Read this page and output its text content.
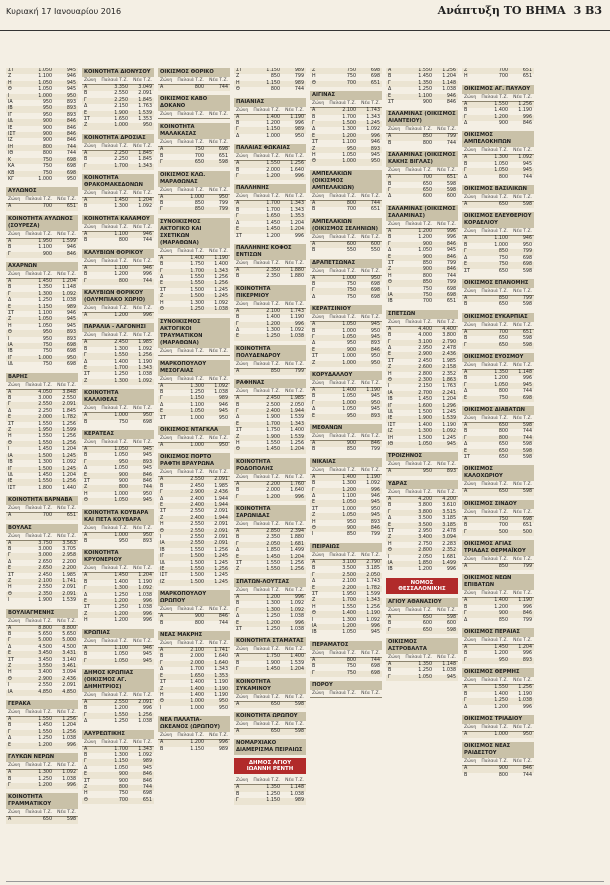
Κυριακή 17 Ιανουαρίου 2016	Ανάπτυξη ΤΟ ΒΗΜΑ 3 B3
ΣΤ	1.050	945
Ζ	1.100	946
Η	1.050	945
Θ	1.050	945
Ι	1.000	950
ΙΑ	950	893
ΙΒ	950	893
ΙΓ	950	893
ΙΔ	900	846
ΙΕ	900	846
ΙΣΤ	900	846
ΙΖ	900	846
ΙΗ	800	744
ΙΘ	800	744
Κ	750	698
ΚΑ	750	698
ΚΒ	750	698
ΚΓ	1.000	950
ΑΥΛΩΝΟΣ
Ζώνη Παλαιά Τ.Ζ. Νέα Τ.Ζ.
Α	700	651
ΚΟΙΝΟΤΗΤΑ ΑΥΛΩΝΟΣ (ΣΟΥΡΕΖΑ)
Ζώνη Παλαιά Τ.Ζ. Νέα Τ.Ζ.
Α	1.950	1.599
Β	1.100	946
Γ	900	846
ΑΧΑΡΝΩΝ
Ζώνη Παλαιά Τ.Ζ. Νέα Τ.Ζ.
Α	1.450	1.204
Β	1.350	1.148
Γ	1.300	1.092
Δ	1.250	1.038
Ε	1.150	989
ΣΤ	1.100	946
Ζ	1.050	945
Η	1.050	945
Θ	950	893
Ι	950	893
ΙΑ	750	698
ΙΒ	750	698
ΙΓ	1.000	950
ΙΔ	750	698
ΒΑΡΗΣ
Ζώνη Παλαιά Τ.Ζ. Νέα Τ.Ζ.
Α	4.050	3.848
Β	3.000	2.550
Γ	2.550	2.091
Δ	2.250	1.845
Ε	2.000	1.782
ΣΤ	1.550	1.256
Ζ	1.950	1.599
Η	1.550	1.256
Θ	1.550	1.256
Ι	1.450	1.204
ΙΑ	1.500	1.245
ΙΒ	1.300	1.092
ΙΓ	1.500	1.245
ΙΔ	1.450	1.204
ΙΕ	1.550	1.256
ΙΣΤ	1.800	1.440
ΚΟΙΝΟΤΗΤΑ ΒΑΡΝΑΒΑ
Ζώνη Παλαιά Τ.Ζ. Νέα Τ.Ζ.
Α	700	651
ΒΟΥΛΑΣ
Ζώνη Παλαιά Τ.Ζ. Νέα Τ.Ζ.
Α	3.750	3.563
Β	3.000	3.705
Γ	3.000	2.958
Δ	2.650	2.200
Ε	2.650	2.200
ΣΤ	2.450	1.985
Ζ	2.100	1.741
Η	2.550	2.091
Θ	2.350	2.091
Ι	1.900	1.539
ΒΟΥΛΙΑΓΜΕΝΗΣ
Ζώνη Παλαιά Τ.Ζ. Νέα Τ.Ζ.
Α	8.800	8.800
Β	5.650	5.650
Γ	5.000	5.000
Δ	4.500	4.500
Ε	3.450	3.431
ΣΤ	3.450	3.140
Ζ	3.550	3.461
Η	3.400	3.094
Θ	2.900	2.436
Ι	2.550	2.091
ΙΑ	4.850	4.850
ΓΕΡΑΚΑ
Ζώνη Παλαιά Τ.Ζ. Νέα Τ.Ζ.
Α	1.550	1.256
Β	1.450	1.204
Γ	1.550	1.256
Δ	1.250	1.038
Ε	1.200	996
ΓΛΥΚΩΝ ΝΕΡΩΝ
Ζώνη Παλαιά Τ.Ζ. Νέα Τ.Ζ.
Α	1.300	1.092
Β	1.250	1.038
Γ	1.200	996
ΚΟΙΝΟΤΗΤΑ ΓΡΑΜΜΑΤΙΚΟΥ
Ζώνη Παλαιά Τ.Ζ. Νέα Τ.Ζ.
Α	650	598
ΚΟΙΝΟΤΗΤΑ ΔΙΟΝΥΣΟΥ
Ζώνη Παλαιά Τ.Ζ. Νέα Τ.Ζ.
Α	3.350	3.049
Β	2.550	2.091
Γ	2.250	1.845
Δ	2.150	1.763
Ε	1.900	1.539
ΣΤ	1.650	1.353
Ζ	1.000	950
ΚΟΙΝΟΤΗΤΑ ΔΡΟΣΙΑΣ
Ζώνη Παλαιά Τ.Ζ. Νέα Τ.Ζ.
Α	2.250	1.845
Β	2.250	1.845
Γ	1.700	1.343
ΚΟΙΝΟΤΗΤΑ ΘΡΑΚΟΜΑΚΕΔΟΝΩΝ
Ζώνη Παλαιά Τ.Ζ. Νέα Τ.Ζ.
Α	1.450	1.204
Β	1.300	1.092
ΚΟΙΝΟΤΗΤΑ ΚΑΛΑΜΟΥ
Ζώνη Παλαιά Τ.Ζ. Νέα Τ.Ζ.
Α	1.100	946
Β	800	744
ΚΑΛΥΒΙΩΝ ΘΟΡΙΚΟΥ
Ζώνη Παλαιά Τ.Ζ. Νέα Τ.Ζ.
Α	1.100	946
Β	1.200	996
Γ	800	744
ΚΑΛΥΒΙΩΝ ΘΟΡΙΚΟΥ (ΟΛΥΜΠΙΑΚΟ ΧΩΡΙΟ)
Ζώνη Παλαιά Τ.Ζ. Νέα Τ.Ζ.
Α	1.200	996
ΠΑΡΑΛΙΑ - ΛΑΓΟΝΗΣΙ
Ζώνη Παλαιά Τ.Ζ. Νέα Τ.Ζ.
Α	2.450	1.985
Β	1.300	1.092
Γ	1.550	1.256
Δ	1.400	1.190
Ε	1.700	1.343
ΣΤ	1.250	1.038
Ζ	1.300	1.092
ΚΟΙΝΟΤΗΤΑ ΚΑΛΛΙΘΕΑΣ
Ζώνη Παλαιά Τ.Ζ. Νέα Τ.Ζ.
Α	1.000	950
Β	750	698
ΚΕΡΑΤΕΑΣ
Ζώνη Παλαιά Τ.Ζ. Νέα Τ.Ζ.
Α	1.050	945
Β	1.050	945
Γ	950	893
Δ	1.050	945
Ε	900	846
ΣΤ	900	846
Ζ	800	744
Η	1.000	950
Θ	1.050	945
ΚΟΙΝΟΤΗΤΑ ΚΟΥΒΑΡΑ ΚΑΙ ΠΕΤΑ ΚΟΥΒΑΡΑ
Ζώνη Παλαιά Τ.Ζ. Νέα Τ.Ζ.
Α	1.000	950
Β	950	893
ΚΟΙΝΟΤΗΤΑ ΚΡΥΟΝΕΡΙΟΥ
Ζώνη Παλαιά Τ.Ζ. Νέα Τ.Ζ.
Α	1.450	1.204
Β	1.400	1.190
Γ	1.300	1.092
Δ	1.250	1.038
Ε	1.200	996
ΣΤ	1.250	1.038
Ζ	1.200	996
Η	1.200	996
ΚΡΩΠΙΑΣ
Ζώνη Παλαιά Τ.Ζ. Νέα Τ.Ζ.
Α	1.100	946
Β	1.050	945
Γ	1.050	945
ΔΗΜΟΣ ΚΡΩΠΙΑΣ (ΟΙΚΙΣΜΟΣ ΑΓ. ΔΗΜΗΤΡΙΟΣ)
Ζώνη Παλαιά Τ.Ζ. Νέα Τ.Ζ.
Α	2.550	2.091
Β	1.200	996
Γ	1.550	1.256
Δ	1.250	1.038
ΛΑΥΡΕΩΤΙΚΗΣ
Ζώνη Παλαιά Τ.Ζ. Νέα Τ.Ζ.
Α	1.700	1.343
Β	1.300	1.092
Γ	1.150	989
Δ	1.050	945
Ε	900	846
ΣΤ	900	846
Ζ	800	744
Η	750	698
Θ	700	651
ΟΙΚΙΣΜΟΣ ΘΟΡΙΚΟ
Ζώνη Παλαιά Τ.Ζ. Νέα Τ.Ζ.
Α	800	744
ΟΙΚΙΣΜΟΣ ΚΑΒΟ ΔΟΚΑΝΟ
Ζώνη Παλαιά Τ.Ζ. Νέα Τ.Ζ.
ΚΟΙΝΟΤΗΤΑ ΜΑΛΑΚΑΣΑΣ
Ζώνη Παλαιά Τ.Ζ. Νέα Τ.Ζ.
Α	750	698
Β	700	651
Γ	650	598
ΟΙΚΙΣΜΟΣ ΚΛΩ. ΜΑΡΑΘΩΝΑΣ
Ζώνη Παλαιά Τ.Ζ. Νέα Τ.Ζ.
Α	1.000	950
Β	850	799
Γ	850	799
ΣΥΝΟΙΚΙΣΜΟΣ ΑΚΤΟΓΙΚΟ ΚΑΙ ΣΧΕΤΙΚΩΝ (ΜΑΡΑΘΩΝΑ)
Ζώνη Παλαιά Τ.Ζ. Νέα Τ.Ζ.
Α	1.400	1.190
Β	1.750	1.400
Γ	1.700	1.343
Δ	1.550	1.256
Ε	1.550	1.256
ΣΤ	1.500	1.245
Ζ	1.500	1.245
Η	1.300	1.092
Θ	1.250	1.038
ΣΥΝΟΙΚΙΣΜΟΣ ΑΚΤΟΓΙΚΟΙ ΤΡΑΥΜΑΤΙΚΟΝ (ΜΑΡΑΘΩΝΑ)
Ζώνη Παλαιά Τ.Ζ. Νέα Τ.Ζ.
ΜΑΡΚΟΠΟΥΛΟΥ ΜΕΣΟΓΑΙΑΣ
Ζώνη Παλαιά Τ.Ζ. Νέα Τ.Ζ.
Α	1.300	1.092
Β	1.250	1.038
Γ	1.150	989
Δ	1.100	946
Ε	1.050	945
ΣΤ	1.000	950
ΟΙΚΙΣΜΟΣ ΝΤΑΓΚΛΑ
Ζώνη Παλαιά Τ.Ζ. Νέα Τ.Ζ.
Α	1.000	950
ΟΙΚΙΣΜΟΣ ΠΟΡΤΟ ΡΑΦΤΗ ΒΡΑΥΡΩΝΑ
Ζώνη Παλαιά Τ.Ζ. Νέα Τ.Ζ.
Α	2.550	2.091
Β	2.450	1.985
Γ	2.900	2.436
Δ	2.400	1.944
Ε	2.400	1.944
ΣΤ	2.550	2.091
Ζ	2.400	1.944
Η	2.550	2.091
Θ	2.550	2.091
Ι	2.550	2.091
ΙΑ	2.550	2.091
ΙΒ	1.550	1.256
ΙΓ	1.500	1.245
ΙΔ	1.500	1.245
ΙΕ	1.550	1.256
ΙΣΤ	1.500	1.245
ΙΖ	1.500	1.245
ΜΑΡΚΟΠΟΥΛΟΥ ΩΡΩΠΟΥ
Ζώνη Παλαιά Τ.Ζ. Νέα Τ.Ζ.
Α	900	846
Β	800	744
ΝΕΑΣ ΜΑΚΡΗΣ
Ζώνη Παλαιά Τ.Ζ. Νέα Τ.Ζ.
Α	2.100	1.741
Β	2.000	1.640
Γ	2.000	1.640
Δ	1.700	1.343
Ε	1.650	1.353
ΣΤ	1.400	1.190
Ζ	1.400	1.190
Η	1.400	1.190
Θ	1.000	950
Ι	1.000	950
ΝΕΑ ΠΑΛΑΤΙΑ-ΩΚΕΑΝΟΣ (ΩΡΩΠΟΥ)
Ζώνη Παλαιά Τ.Ζ. Νέα Τ.Ζ.
Α	1.200	996
Β	1.150	989
ΣΤ	1.150	989
Ζ	850	799
Η	1.150	989
Θ	800	744
ΠΑΙΑΝΙΑΣ
Ζώνη Παλαιά Τ.Ζ. Νέα Τ.Ζ.
Α	1.400	1.190
Β	1.200	996
Γ	1.150	989
Δ	1.000	950
ΠΑΛΑΙΑΣ ΦΩΚΑΙΑΣ
Ζώνη Παλαιά Τ.Ζ. Νέα Τ.Ζ.
Α	1.550	1.256
Β	2.000	1.640
Γ	1.200	996
ΠΑΛΛΗΝΗΣ
Ζώνη Παλαιά Τ.Ζ. Νέα Τ.Ζ.
Α	1.700	1.343
Β	1.700	1.343
Γ	1.650	1.353
Δ	1.450	1.204
Ε	1.450	1.204
ΣΤ	1.200	996
ΠΑΛΛΗΝΗΣ ΚΟΦΟΣ ΕΝΤΙΣΩΝ
Ζώνη Παλαιά Τ.Ζ. Νέα Τ.Ζ.
Α	2.350	1.880
Β	2.350	1.880
ΚΟΙΝΟΤΗΤΑ ΠΙΚΕΡΜΙΟΥ
Ζώνη Παλαιά Τ.Ζ. Νέα Τ.Ζ.
Α	2.100	1.743
Β	1.400	1.190
Γ	1.200	996
Δ	1.300	1.092
Ε	1.250	1.038
ΚΟΙΝΟΤΗΤΑ ΠΟΛΥΔΕΝΔΡΟΥ
Ζώνη Παλαιά Τ.Ζ. Νέα Τ.Ζ.
Α	850	799
ΡΑΦΗΝΑΣ
Ζώνη Παλαιά Τ.Ζ. Νέα Τ.Ζ.
Α	2.450	1.985
Β	2.500	2.050
Γ	2.400	1.944
Δ	1.900	1.539
Ε	1.700	1.343
ΣΤ	1.750	1.400
Ζ	1.900	1.539
Η	1.550	1.256
Θ	1.450	1.204
ΚΟΙΝΟΤΗΤΑ ΡΟΔΟΠΟΛΗΣ
Ζώνη Παλαιά Τ.Ζ. Νέα Τ.Ζ.
Α	2.200	1.760
Β	2.000	1.640
Γ	1.200	996
ΚΟΙΝΟΤΗΤΑ ΣΑΡΩΝΙΔΑΣ
Ζώνη Παλαιά Τ.Ζ. Νέα Τ.Ζ.
Α	2.850	2.394
Β	2.350	1.880
Γ	2.050	1.681
Δ	1.850	1.499
Ε	1.450	1.204
ΣΤ	1.550	1.256
Ζ	1.550	1.256
ΣΠΑΤΩΝ-ΛΟΥΤΣΑΣ
Ζώνη Παλαιά Τ.Ζ. Νέα Τ.Ζ.
Α	1.200	996
Β	1.300	1.092
Γ	1.300	1.092
Δ	1.250	1.038
Ε	1.200	996
ΣΤ	1.250	1.038
ΚΟΙΝΟΤΗΤΑ ΣΤΑΜΑΤΑΣ
Ζώνη Παλαιά Τ.Ζ. Νέα Τ.Ζ.
Α	1.750	1.400
Β	1.900	1.539
Γ	1.450	1.204
ΚΟΙΝΟΤΗΤΑ ΣΥΚΑΜΙΝΟΥ
Ζώνη Παλαιά Τ.Ζ. Νέα Τ.Ζ.
Α	650	598
ΚΟΙΝΟΤΗΤΑ ΩΡΩΠΟΥ
Ζώνη Παλαιά Τ.Ζ. Νέα Τ.Ζ.
Α	650	598
ΝΟΜΑΡΧΙΑΚΟ ΔΙΑΜΕΡΙΣΜΑ ΠΕΙΡΑΙΩΣ
ΔΗΜΟΣ ΑΓΙΟΥ ΙΩΑΝΝΗ ΡΕΝΤΗ
Ζώνη Παλαιά Τ.Ζ. Νέα Τ.Ζ.
Α	1.350	1.148
Β	1.250	1.038
Γ	1.150	989
Ζ	750	698
Η	750	698
Θ	700	651
ΑΙΓΙΝΑΣ
Ζώνη Παλαιά Τ.Ζ. Νέα Τ.Ζ.
Α	2.100	1.743
Β	1.700	1.343
Γ	1.500	1.245
Δ	1.300	1.092
Ε	1.200	996
ΣΤ	1.100	946
Ζ	950	893
Η	1.050	945
Θ	1.000	950
ΑΜΠΕΛΑΚΙΩΝ (ΟΙΚΙΣΜΟΣ ΑΜΠΕΛΑΚΙΩΝ)
Ζώνη Παλαιά Τ.Ζ. Νέα Τ.Ζ.
Α	800	744
Β	700	651
ΑΜΠΕΛΑΚΙΩΝ (ΟΙΚΙΣΜΟΣ ΣΕΛΗΝΙΩΝ)
Ζώνη Παλαιά Τ.Ζ. Νέα Τ.Ζ.
Α	600	600
Β	550	550
ΔΡΑΠΕΤΣΩΝΑΣ
Ζώνη Παλαιά Τ.Ζ. Νέα Τ.Ζ.
Α	1.000	950
Β	750	698
Γ	750	698
Δ	750	698
ΚΕΡΑΤΣΙΝΙΟΥ
Ζώνη Παλαιά Τ.Ζ. Νέα Τ.Ζ.
Α	1.050	945
Β	1.000	950
Γ	1.050	945
Δ	950	893
Ε	900	846
ΣΤ	1.000	950
Ζ	1.000	950
ΚΟΡΥΔΑΛΛΟΥ
Ζώνη Παλαιά Τ.Ζ. Νέα Τ.Ζ.
Α	1.400	1.190
Β	1.050	945
Γ	1.000	950
Δ	1.050	945
Ε	950	893
ΜΕΘΑΝΩΝ
Ζώνη Παλαιά Τ.Ζ. Νέα Τ.Ζ.
Α	900	846
Β	850	799
ΝΙΚΑΙΑΣ
Ζώνη Παλαιά Τ.Ζ. Νέα Τ.Ζ.
Α	1.400	1.190
Β	1.300	1.092
Γ	1.200	996
Δ	1.100	946
Ε	1.050	945
ΣΤ	1.000	950
Ζ	1.050	945
Η	950	893
Θ	900	846
Ι	850	799
ΠΕΙΡΑΙΩΣ
Ζώνη Παλαιά Τ.Ζ. Νέα Τ.Ζ.
Α	3.100	2.790
Β	3.500	3.185
Γ	2.500	2.050
Δ	2.100	1.743
Ε	2.200	1.782
ΣΤ	1.950	1.599
Ζ	1.700	1.343
Η	1.550	1.256
Θ	1.400	1.190
Ι	1.300	1.092
ΙΑ	1.200	996
ΙΒ	1.050	945
ΠΕΡΑΜΑΤΟΣ
Ζώνη Παλαιά Τ.Ζ. Νέα Τ.Ζ.
Α	800	744
Β	750	698
Γ	750	698
ΠΟΡΟΥ
Ζώνη Παλαιά Τ.Ζ. Νέα Τ.Ζ.
Α	1.550	1.256
Β	1.450	1.204
Γ	1.350	1.148
Δ	1.250	1.038
Ε	1.100	946
ΣΤ	900	846
ΣΑΛΑΜΙΝΑΣ (ΟΙΚΙΣΜΟΣ ΑΙΑΝΤΕΙΟΥ)
Ζώνη Παλαιά Τ.Ζ. Νέα Τ.Ζ.
Α	850	799
Β	800	744
ΣΑΛΑΜΙΝΑΣ (ΟΙΚΙΣΜΟΣ ΚΑΚΗΣ ΒΙΓΛΑΣ)
Ζώνη Παλαιά Τ.Ζ. Νέα Τ.Ζ.
Α	700	651
Β	650	598
Γ	650	598
Δ	600	600
ΣΑΛΑΜΙΝΑΣ (ΟΙΚΙΣΜΟΣ ΣΑΛΑΜΙΝΑΣ)
Ζώνη Παλαιά Τ.Ζ. Νέα Τ.Ζ.
Α	1.200	996
Β	1.200	996
Γ	900	846
Δ	1.050	945
Ε	900	846
ΣΤ	850	799
Ζ	900	846
Η	800	744
Θ	850	799
Ι	750	698
ΙΑ	750	698
ΙΒ	700	651
ΣΠΕΤΣΩΝ
Ζώνη Παλαιά Τ.Ζ. Νέα Τ.Ζ.
Α	4.400	4.400
Β	4.000	3.800
Γ	3.100	2.790
Δ	2.950	2.478
Ε	2.900	2.436
ΣΤ	2.450	1.985
Ζ	2.600	2.158
Η	2.800	2.352
Θ	2.300	1.863
Ι	2.150	1.763
ΙΑ	2.700	2.241
ΙΒ	1.450	1.204
ΙΓ	1.600	1.296
ΙΔ	1.500	1.245
ΙΕ	1.900	1.539
ΙΣΤ	1.400	1.190
ΙΖ	1.300	1.092
ΙΗ	1.500	1.245
ΙΘ	1.050	945
ΤΡΟΙΖΗΝΟΣ
Ζώνη Παλαιά Τ.Ζ. Νέα Τ.Ζ.
Α	950	893
ΥΔΡΑΣ
Ζώνη Παλαιά Τ.Ζ. Νέα Τ.Ζ.
Α	4.200	4.200
Β	3.800	3.610
Γ	3.800	3.515
Δ	3.500	3.185
Ε	3.500	3.185
ΣΤ	2.950	2.478
Ζ	3.400	3.094
Η	2.750	2.283
Θ	2.800	2.352
Ι	2.050	1.681
ΙΑ	1.850	1.499
ΙΒ	1.200	996
ΝΟΜΟΣ ΘΕΣΣΑΛΟΝΙΚΗΣ
ΑΓΙΟΥ ΑΘΑΝΑΣΙΟΥ
Ζώνη Παλαιά Τ.Ζ. Νέα Τ.Ζ.
Α	650	598
Β	600	600
Γ	650	598
ΟΙΚΙΣΜΟΣ ΑΣΤΡΟΒΑΛΤΑ
Ζώνη Παλαιά Τ.Ζ. Νέα Τ.Ζ.
Α	1.350	1.148
Β	1.250	1.038
Γ	1.050	945
Ζ	700	651
Η	700	651
ΟΙΚΙΣΜΟΣ ΑΓ. ΠΑΥΛΟΥ
Ζώνη Παλαιά Τ.Ζ. Νέα Τ.Ζ.
Α	1.550	1.256
Β	1.400	1.190
Γ	1.200	996
Δ	900	846
ΟΙΚΙΣΜΟΣ ΑΜΠΕΛΟΚΗΠΩΝ
Ζώνη Παλαιά Τ.Ζ. Νέα Τ.Ζ.
Α	1.300	1.092
Β	1.050	945
Γ	1.050	945
Δ	800	744
ΟΙΚΙΣΜΟΣ ΒΑΣΙΛΙΚΩΝ
Ζώνη Παλαιά Τ.Ζ. Νέα Τ.Ζ.
Α	650	598
ΟΙΚΙΣΜΟΣ ΕΛΕΥΘΕΡΙΟΥ ΚΟΡΔΕΛΙΟΥ
Ζώνη Παλαιά Τ.Ζ. Νέα Τ.Ζ.
Α	1.100	946
Β	1.000	950
Γ	850	799
Δ	750	698
Ε	750	698
ΣΤ	650	598
ΟΙΚΙΣΜΟΣ ΕΠΑΝΟΜΗΣ
Ζώνη Παλαιά Τ.Ζ. Νέα Τ.Ζ.
Α	850	799
Β	650	598
ΟΙΚΙΣΜΟΣ ΕΥΚΑΡΠΙΑΣ
Ζώνη Παλαιά Τ.Ζ. Νέα Τ.Ζ.
Α	700	651
Β	650	598
Γ	650	598
ΟΙΚΙΣΜΟΣ ΕΥΟΣΜΟΥ
Ζώνη Παλαιά Τ.Ζ. Νέα Τ.Ζ.
Α	1.350	1.148
Β	1.200	996
Γ	1.050	945
Δ	800	744
Ε	750	698
ΟΙΚΙΣΜΟΣ ΔΙΑΒΑΤΩΝ
Ζώνη Παλαιά Τ.Ζ. Νέα Τ.Ζ.
Α	650	598
Β	800	744
Γ	800	744
Δ	650	598
Ε	650	598
ΣΤ	650	598
ΟΙΚΙΣΜΟΣ ΚΑΛΟΧΩΡΙΟΥ
Ζώνη Παλαιά Τ.Ζ. Νέα Τ.Ζ.
Α	650	598
ΟΙΚΙΣΜΟΣ ΣΙΝΔΟΥ
Ζώνη Παλαιά Τ.Ζ. Νέα Τ.Ζ.
Α	750	698
Β	700	651
Γ	500	500
ΟΙΚΙΣΜΟΣ ΑΓΙΑΣ ΤΡΙΑΔΑΣ ΘΕΡΜΑΪΚΟΥ
Ζώνη Παλαιά Τ.Ζ. Νέα Τ.Ζ.
Α	850	799
ΟΙΚΙΣΜΟΣ ΝΕΩΝ ΕΠΙΒΑΤΩΝ
Ζώνη Παλαιά Τ.Ζ. Νέα Τ.Ζ.
Α	1.400	1.190
Β	1.200	996
Γ	900	846
Δ	850	799
ΟΙΚΙΣΜΟΣ ΠΕΡΑΙΑΣ
Ζώνη Παλαιά Τ.Ζ. Νέα Τ.Ζ.
Α	1.450	1.204
Β	1.200	996
Γ	950	893
ΟΙΚΙΣΜΟΣ ΘΕΡΜΗΣ
Ζώνη Παλαιά Τ.Ζ. Νέα Τ.Ζ.
Α	1.550	1.256
Β	1.400	1.190
Γ	1.250	1.038
Δ	1.200	996
ΟΙΚΙΣΜΟΣ ΤΡΙΑΔΙΟΥ
Ζώνη Παλαιά Τ.Ζ. Νέα Τ.Ζ.
Α	1.000	950
ΟΙΚΙΣΜΟΣ ΝΕΑΣ ΡΑΙΔΕΣΤΟΥ
Ζώνη Παλαιά Τ.Ζ. Νέα Τ.Ζ.
Α	900	846
Β	800	744
